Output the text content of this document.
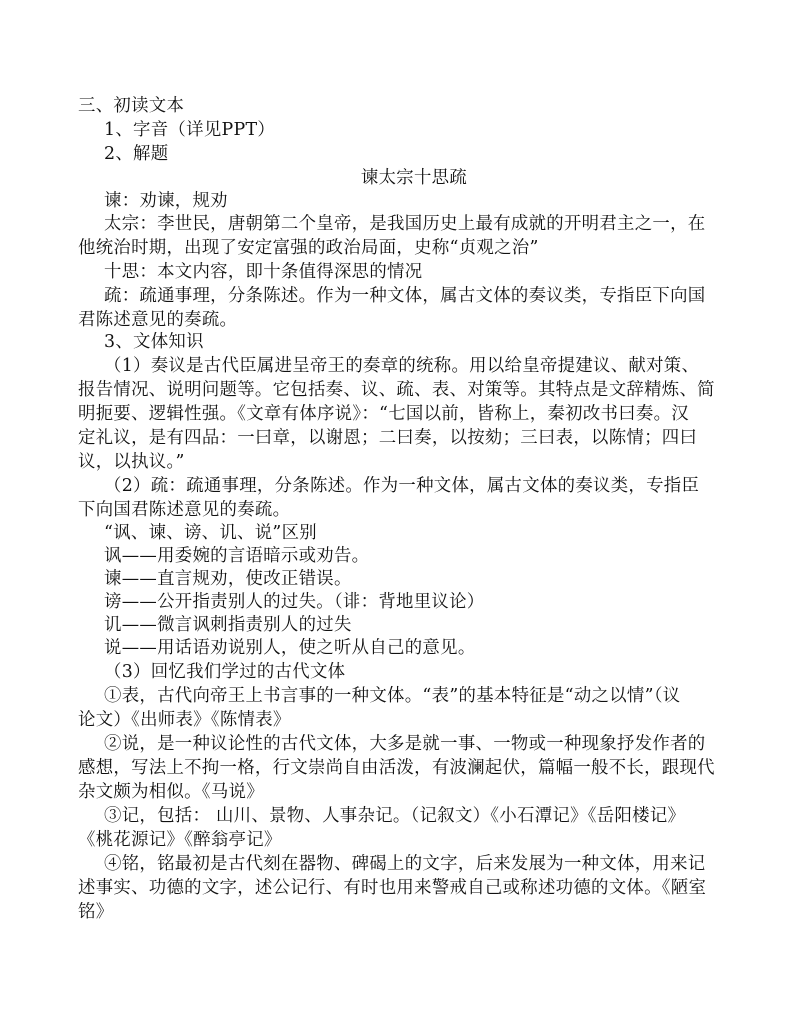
三、初读文本
1、字音（详见PPT）
2、解题
谏太宗十思疏
谏：劝谏，规劝
太宗：李世民，唐朝第二个皇帝，是我国历史上最有成就的开明君主之一，在
他统治时期，出现了安定富强的政治局面，史称“贞观之治”
十思：本文内容，即十条值得深思的情况
疏：疏通事理，分条陈述。作为一种文体，属古文体的奏议类，专指臣下向国
君陈述意见的奏疏。
3、文体知识
（1）奏议是古代臣属进呈帝王的奏章的统称。用以给皇帝提建议、献对策、
报告情况、说明问题等。它包括奏、议、疏、表、对策等。其特点是文辞精炼、简
明扼要、逻辑性强。《文章有体序说》：“七国以前，皆称上，秦初改书曰奏。汉
定礼议，是有四品：一曰章，以谢恩；二曰奏，以按劾；三曰表，以陈情；四曰
议，以执议。”
（2）疏：疏通事理，分条陈述。作为一种文体，属古文体的奏议类，专指臣
下向国君陈述意见的奏疏。
“讽、谏、谤、讥、说”区别
讽——用委婉的言语暗示或劝告。
谏——直言规劝，使改正错误。
谤——公开指责别人的过失。（诽：背地里议论）
讥——微言讽刺指责别人的过失
说——用话语劝说别人，使之听从自己的意见。
（3）回忆我们学过的古代文体
①表，古代向帝王上书言事的一种文体。“表”的基本特征是“动之以情”（议
论文）《出师表》《陈情表》
②说，是一种议论性的古代文体，大多是就一事、一物或一种现象抒发作者的
感想，写法上不拘一格，行文崇尚自由活泼，有波澜起伏，篇幅一般不长，跟现代
杂文颇为相似。《马说》
③记，包括： 山川、景物、人事杂记。（记叙文）《小石潭记》《岳阳楼记》
《桃花源记》《醉翁亭记》
④铭，铭最初是古代刻在器物、碑碣上的文字，后来发展为一种文体，用来记
述事实、功德的文字，述公记行、有时也用来警戒自己或称述功德的文体。《陋室
铭》
